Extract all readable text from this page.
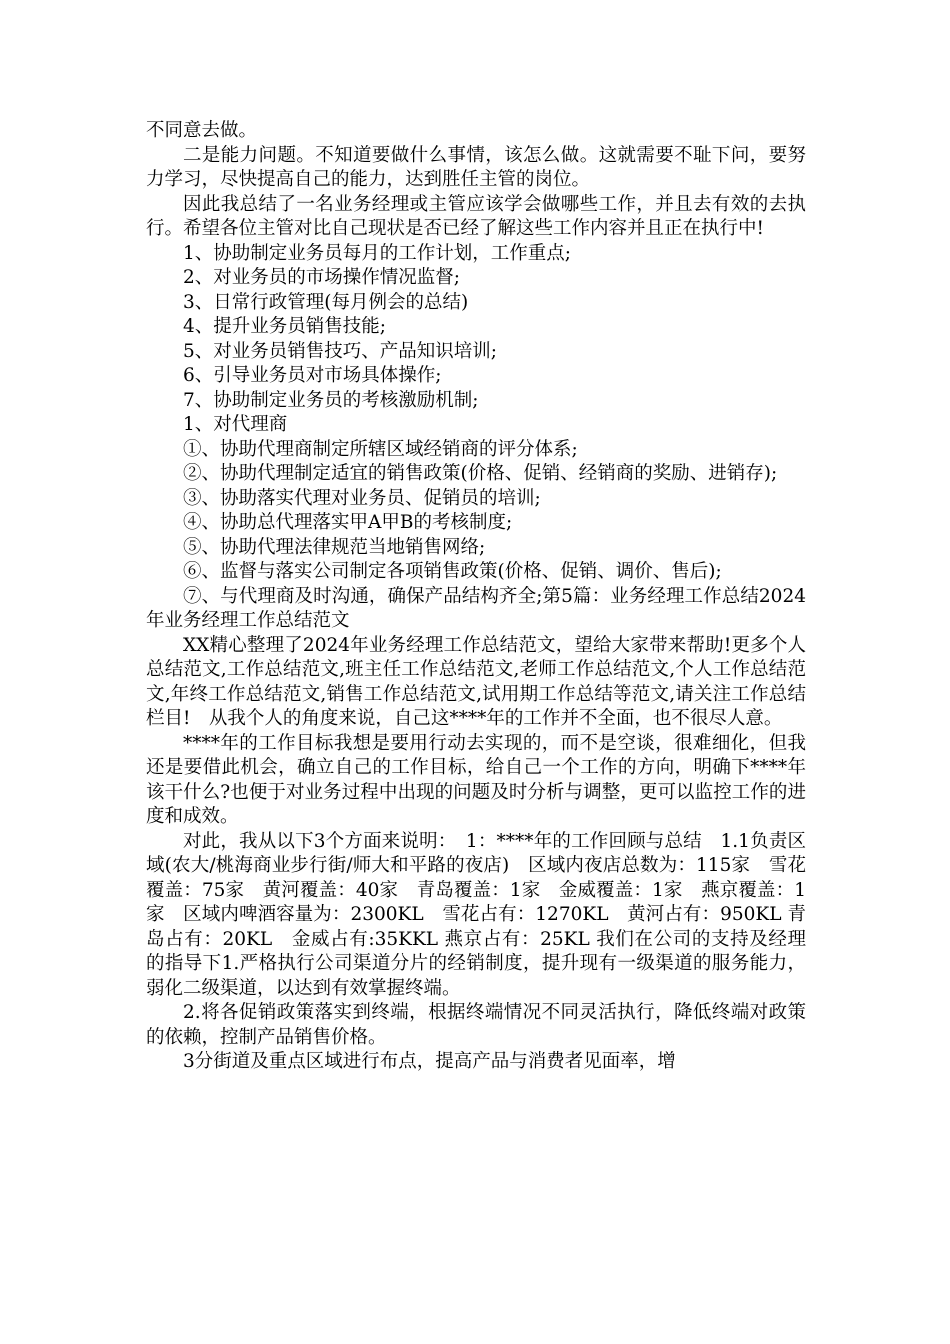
不同意去做。

二是能力问题。不知道要做什么事情，该怎么做。这就需要不耻下问，要努力学习，尽快提高自己的能力，达到胜任主管的岗位。

因此我总结了一名业务经理或主管应该学会做哪些工作，并且去有效的去执行。希望各位主管对比自己现状是否已经了解这些工作内容并且正在执行中!

1、协助制定业务员每月的工作计划，工作重点;

2、对业务员的市场操作情况监督;

3、日常行政管理(每月例会的总结)

4、提升业务员销售技能;

5、对业务员销售技巧、产品知识培训;

6、引导业务员对市场具体操作;

7、协助制定业务员的考核激励机制;

1、对代理商

①、协助代理商制定所辖区域经销商的评分体系;

②、协助代理制定适宜的销售政策(价格、促销、经销商的奖励、进销存);

③、协助落实代理对业务员、促销员的培训;

④、协助总代理落实甲A甲B的考核制度;

⑤、协助代理法律规范当地销售网络;

⑥、监督与落实公司制定各项销售政策(价格、促销、调价、售后);

⑦、与代理商及时沟通，确保产品结构齐全;第5篇：业务经理工作总结2024年业务经理工作总结范文

XX精心整理了2024年业务经理工作总结范文，望给大家带来帮助!更多个人总结范文,工作总结范文,班主任工作总结范文,老师工作总结范文,个人工作总结范文,年终工作总结范文,销售工作总结范文,试用期工作总结等范文,请关注工作总结栏目!　从我个人的角度来说，自己这****年的工作并不全面，也不很尽人意。

****年的工作目标我想是要用行动去实现的，而不是空谈，很难细化，但我还是要借此机会，确立自己的工作目标，给自己一个工作的方向，明确下****年该干什么?也便于对业务过程中出现的问题及时分析与调整，更可以监控工作的进度和成效。

对此，我从以下3个方面来说明：　1：****年的工作回顾与总结　1.1负责区域(农大/桃海商业步行街/师大和平路的夜店)　区域内夜店总数为：115家　雪花覆盖：75家　黄河覆盖：40家　青岛覆盖：1家　金威覆盖：1家　燕京覆盖：1家　区域内啤酒容量为：2300KL　雪花占有：1270KL　黄河占有：950KL 青岛占有：20KL　金威占有:35KKL 燕京占有：25KL 我们在公司的支持及经理的指导下1.严格执行公司渠道分片的经销制度，提升现有一级渠道的服务能力，弱化二级渠道，以达到有效掌握终端。

2.将各促销政策落实到终端，根据终端情况不同灵活执行，降低终端对政策的依赖，控制产品销售价格。

3分街道及重点区域进行布点，提高产品与消费者见面率，增
